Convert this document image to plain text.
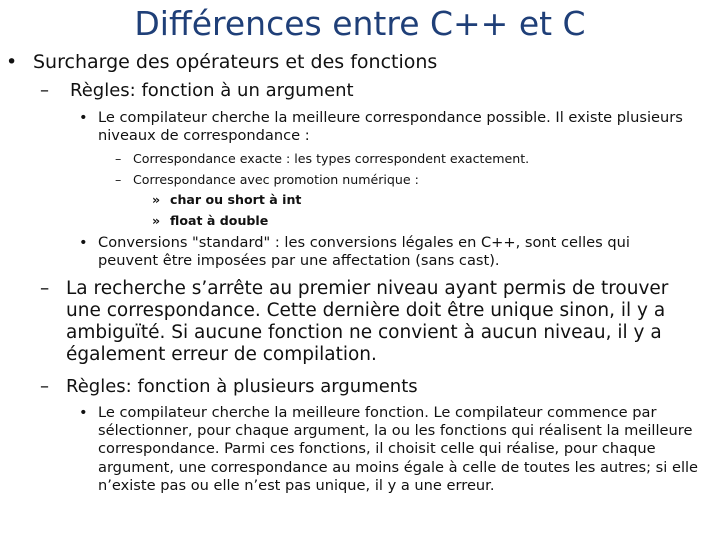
Différences entre C++ et C
• Surcharge des opérateurs et des fonctions

– Règles: fonction à un argument

• Le compilateur cherche la meilleure correspondance possible. Il existe plusieurs niveaux de correspondance :

– Correspondance exacte : les types correspondent exactement.

– Correspondance avec promotion numérique :

» char ou short à int

» float à double

• Conversions "standard" : les conversions légales en C++, sont celles qui peuvent être imposées par une affectation (sans cast).

– La recherche s’arrête au premier niveau ayant permis de trouver une correspondance. Cette dernière doit être unique sinon, il y a ambiguïté. Si aucune fonction ne convient à aucun niveau, il y a également erreur de compilation.

– Règles: fonction à plusieurs arguments

• Le compilateur cherche la meilleure fonction. Le compilateur commence par sélectionner, pour chaque argument, la ou les fonctions qui réalisent la meilleure correspondance. Parmi ces fonctions, il choisit celle qui réalise, pour chaque argument, une correspondance au moins égale à celle de toutes les autres; si elle n’existe pas ou elle n’est pas unique, il y a une erreur.
